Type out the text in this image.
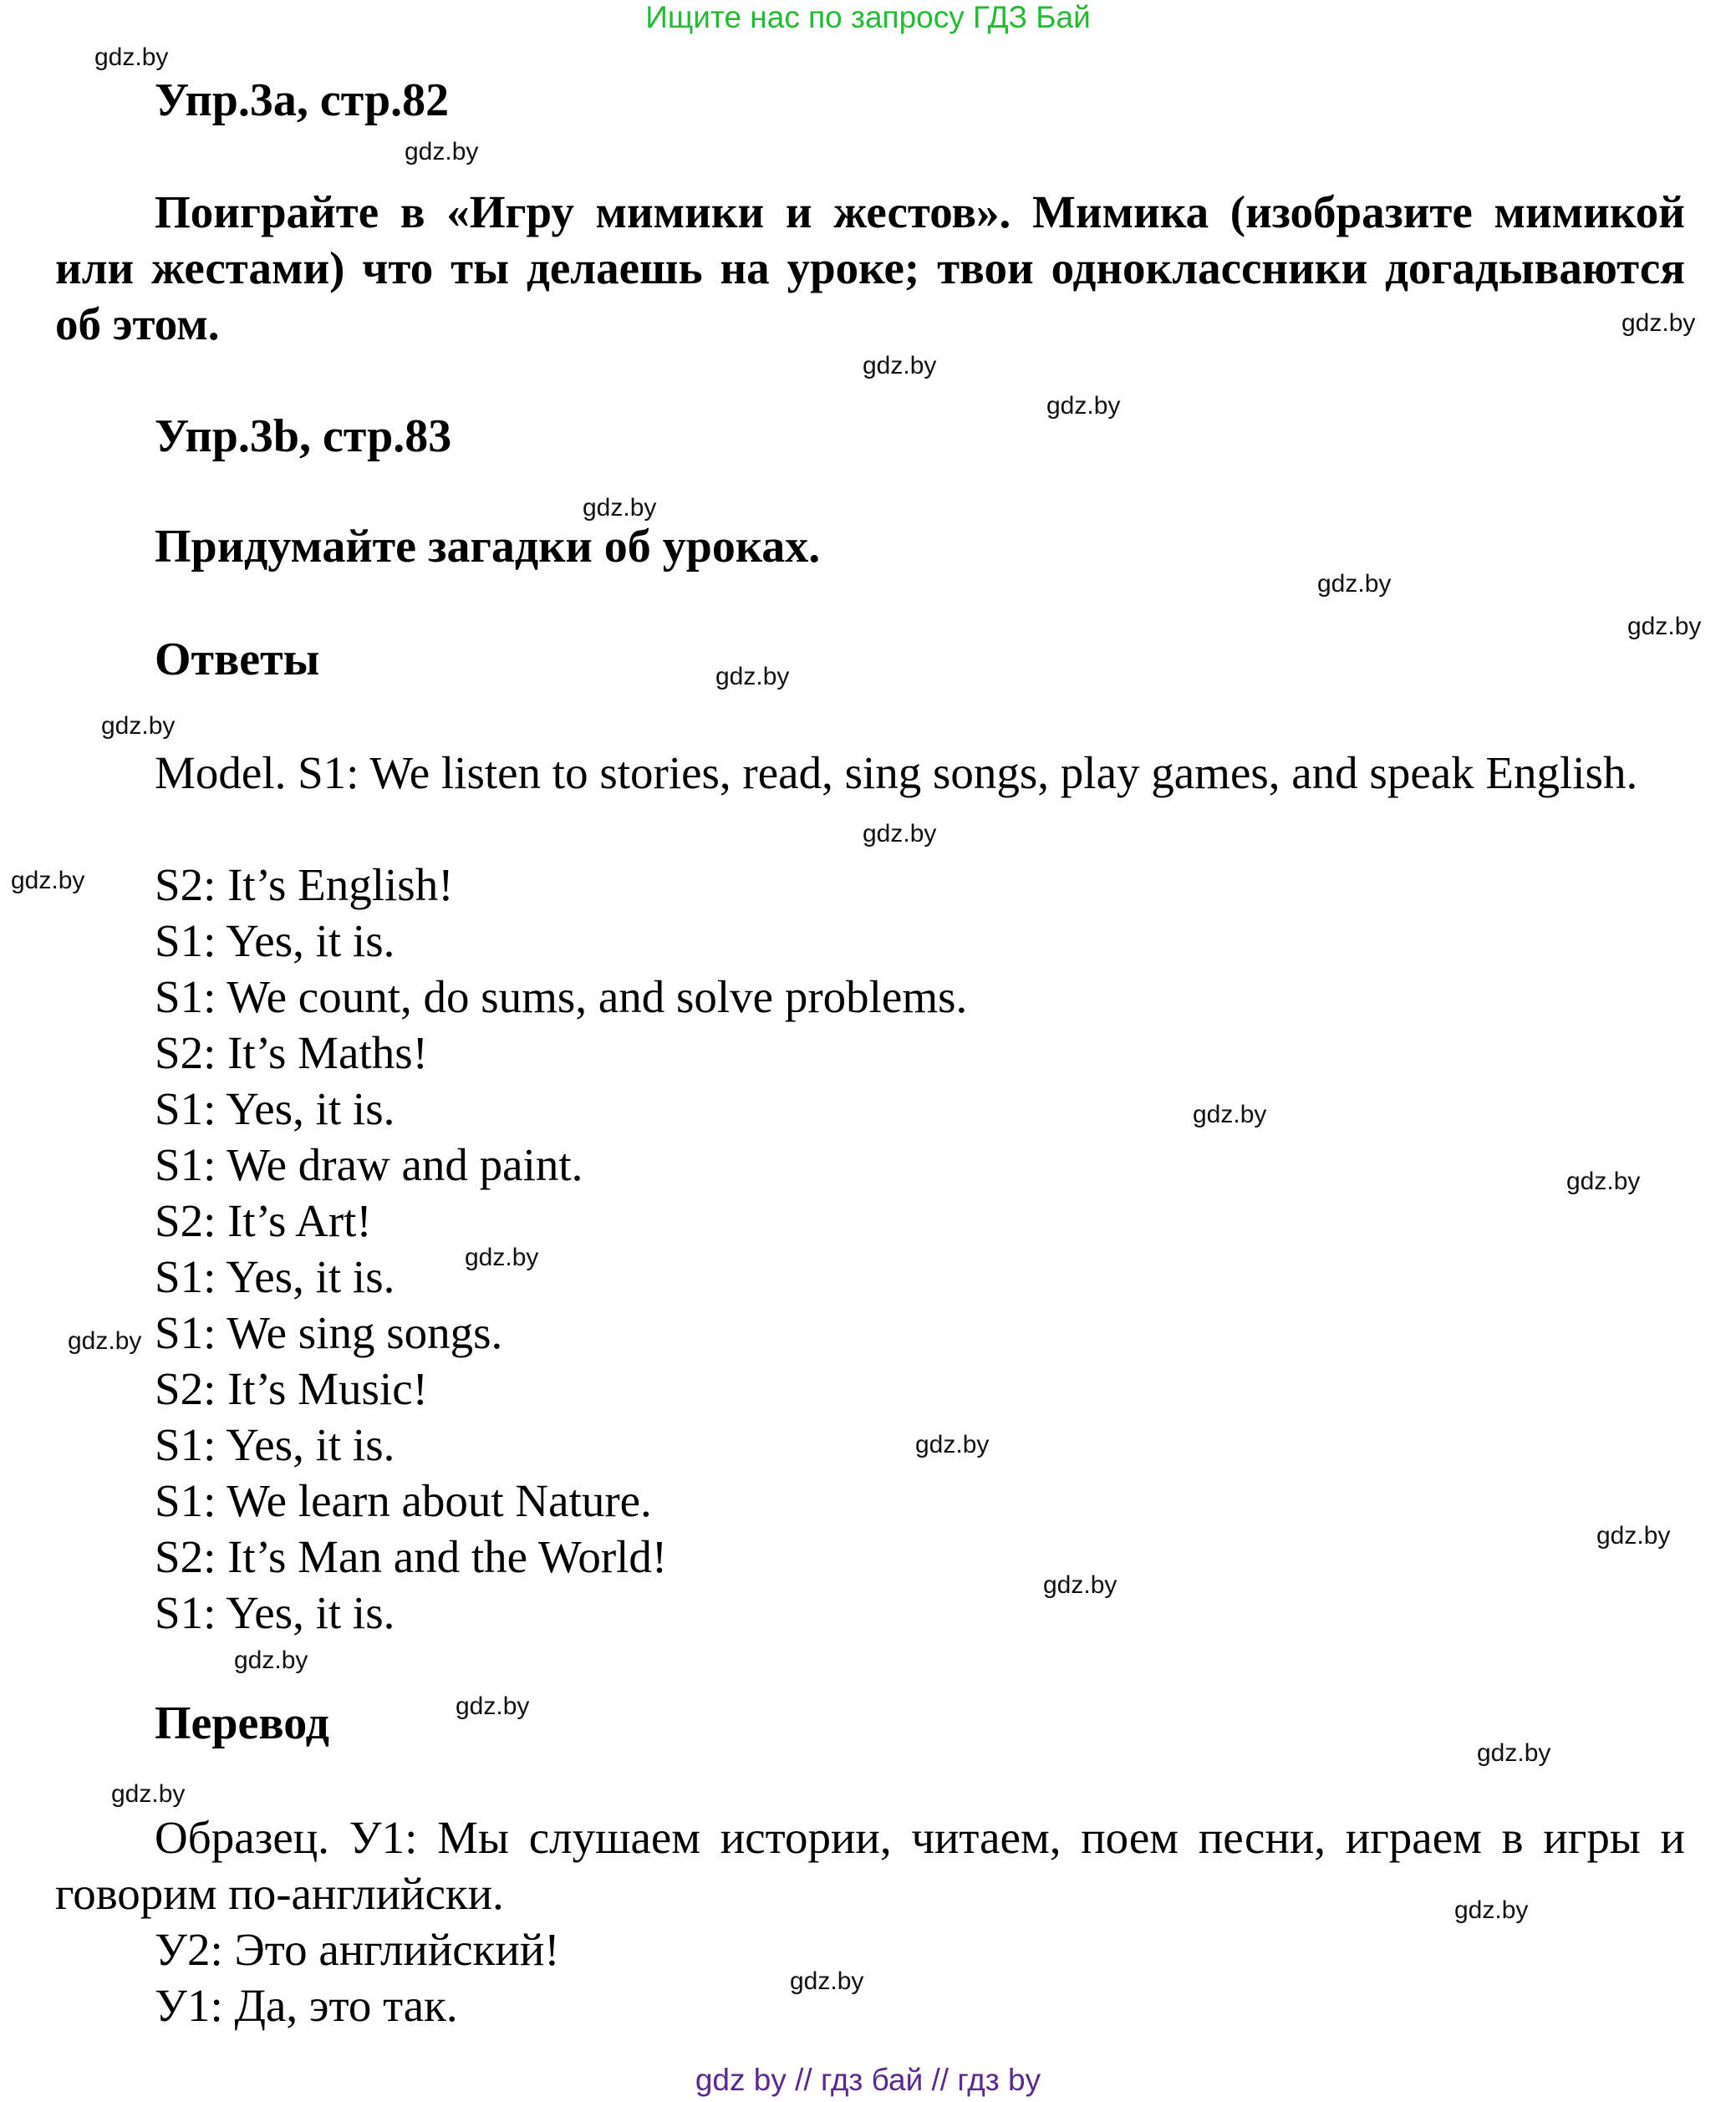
Ищите нас по запросу ГДЗ Бай
Упр.3а, стр.82
Поиграйте в «Игру мимики и жестов». Мимика (изобразите мимикой или жестами) что ты делаешь на уроке; твои одноклассники догадываются об этом.
Упр.3b, стр.83
Придумайте загадки об уроках.
Ответы
Model. S1: We listen to stories, read, sing songs, play games, and speak English.
S2: It’s English!
S1: Yes, it is.
S1: We count, do sums, and solve problems.
S2: It’s Maths!
S1: Yes, it is.
S1: We draw and paint.
S2: It’s Art!
S1: Yes, it is.
S1: We sing songs.
S2: It’s Music!
S1: Yes, it is.
S1: We learn about Nature.
S2: It’s Man and the World!
S1: Yes, it is.
Перевод
Образец. У1: Мы слушаем истории, читаем, поем песни, играем в игры и говорим по-английски.
У2: Это английский!
У1: Да, это так.
gdz.by
gdz.by
gdz.by
gdz.by
gdz.by
gdz.by
gdz.by
gdz.by
gdz.by
gdz.by
gdz.by
gdz.by
gdz.by
gdz.by
gdz.by
gdz.by
gdz.by
gdz.by
gdz.by
gdz.by
gdz.by
gdz.by
gdz.by
gdz.by
gdz.by
gdz by // гдз бай // гдз by
